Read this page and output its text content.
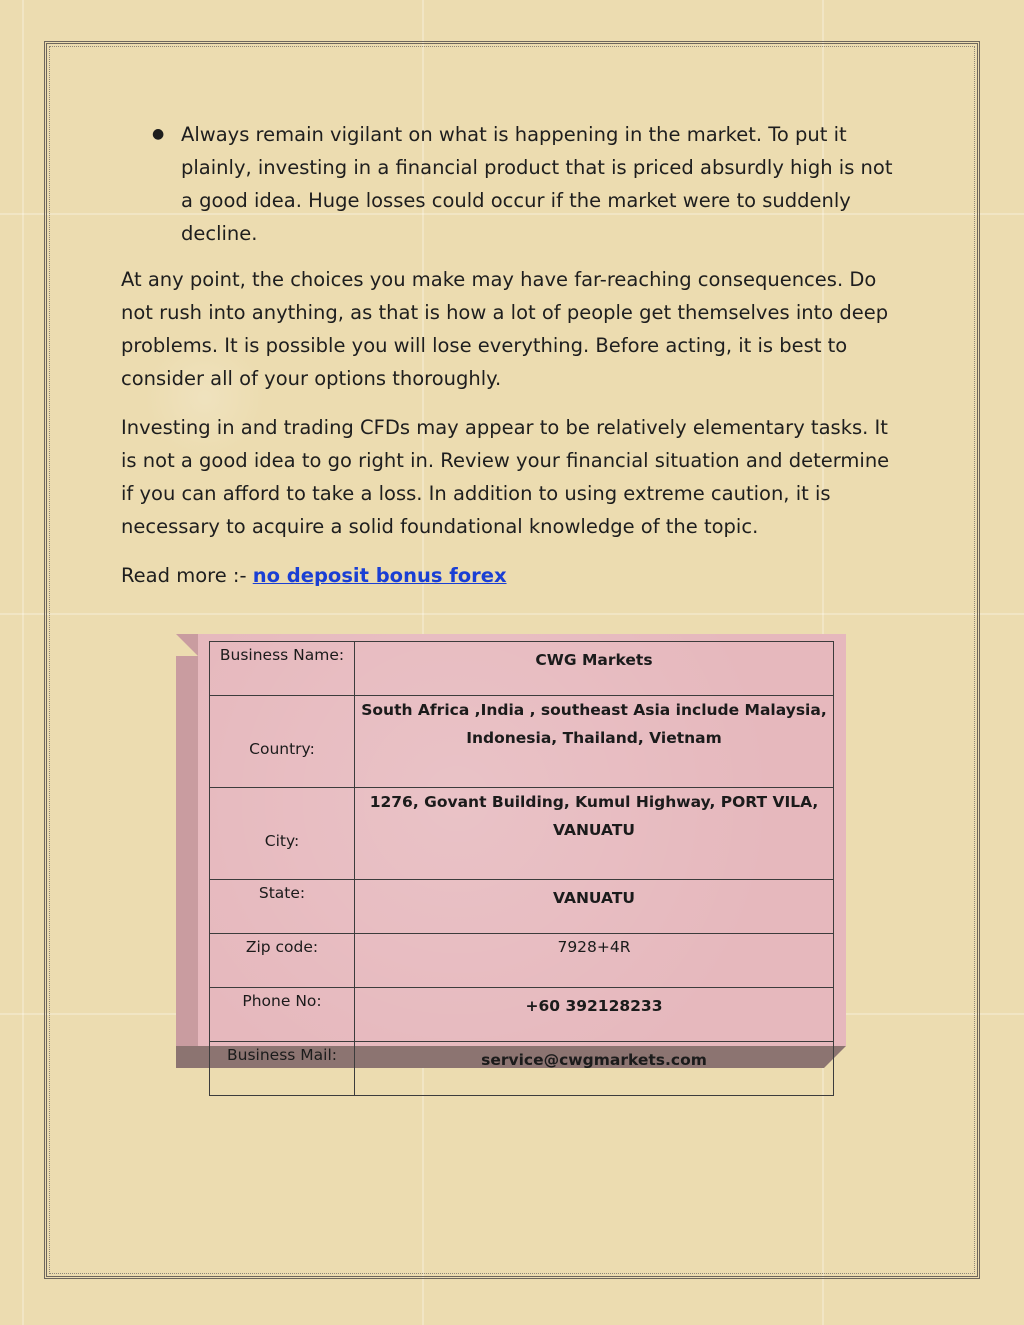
● Always remain vigilant on what is happening in the market. To put it plainly, investing in a financial product that is priced absurdly high is not a good idea. Huge losses could occur if the market were to suddenly decline.

At any point, the choices you make may have far-reaching consequences. Do not rush into anything, as that is how a lot of people get themselves into deep problems. It is possible you will lose everything. Before acting, it is best to consider all of your options thoroughly.

Investing in and trading CFDs may appear to be relatively elementary tasks. It is not a good idea to go right in. Review your financial situation and determine if you can afford to take a loss. In addition to using extreme caution, it is necessary to acquire a solid foundational knowledge of the topic.

Read more :- no deposit bonus forex

Business Name:	CWG Markets
Country:	South Africa ,India , southeast Asia include Malaysia, Indonesia, Thailand, Vietnam
City:	1276, Govant Building, Kumul Highway, PORT VILA, VANUATU
State:	VANUATU
Zip code:	7928+4R
Phone No:	+60 392128233
Business Mail:	service@cwgmarkets.com
